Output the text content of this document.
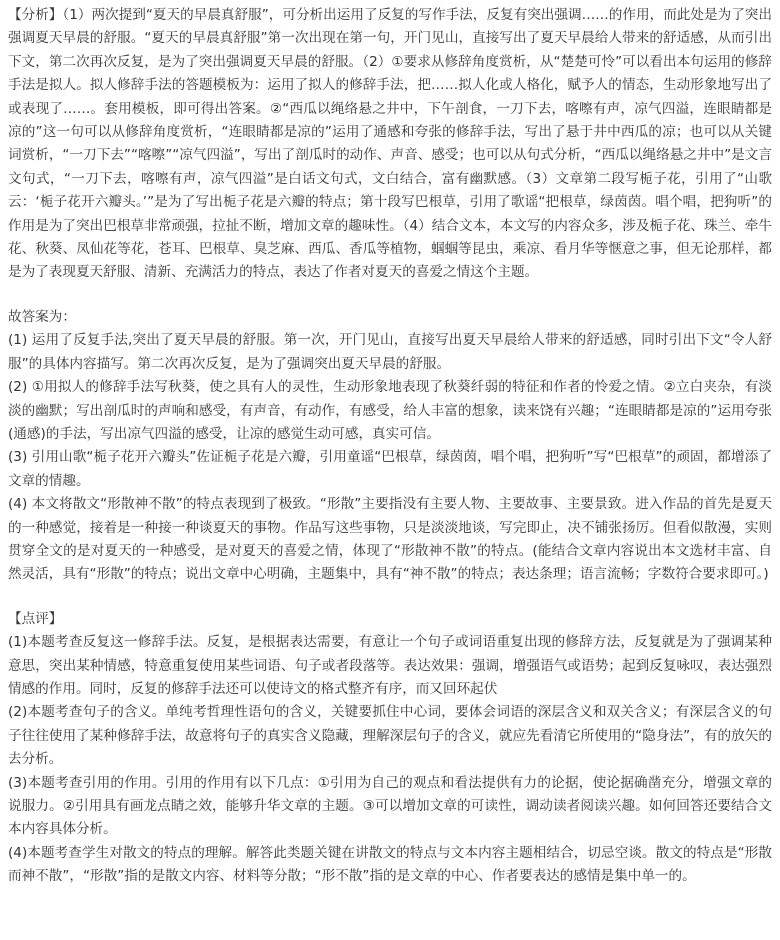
【分析】（1）两次提到“夏天的早晨真舒服”，可分析出运用了反复的写作手法，反复有突出强调……的作用，而此处是为了突出强调夏天早晨的舒服。“夏天的早晨真舒服”第一次出现在第一句，开门见山，直接写出了夏天早晨给人带来的舒适感，从而引出下文，第二次再次反复，是为了突出强调夏天早晨的舒服。（2）①要求从修辞角度赏析，从“楚楚可怜”可以看出本句运用的修辞手法是拟人。拟人修辞手法的答题模板为：运用了拟人的修辞手法，把……拟人化或人格化，赋予人的情态，生动形象地写出了或表现了……。套用模板，即可得出答案。②“西瓜以绳络悬之井中，下午剖食，一刀下去，喀嚓有声，凉气四溢，连眼睛都是凉的”这一句可以从修辞角度赏析，“连眼睛都是凉的”运用了通感和夸张的修辞手法，写出了悬于井中西瓜的凉；也可以从关键词赏析，“一刀下去”“喀嚓”“凉气四溢”，写出了剖瓜时的动作、声音、感受；也可以从句式分析，“西瓜以绳络悬之井中”是文言文句式，“一刀下去，喀嚓有声，凉气四溢”是白话文句式，文白结合，富有幽默感。（3）文章第二段写栀子花，引用了“山歌云：‘栀子花开六瓣头。’”是为了写出栀子花是六瓣的特点；第十段写巴根草，引用了歌谣“把根草，绿茵茵。唱个唱，把狗听”的作用是为了突出巴根草非常顽强，拉扯不断，增加文章的趣味性。（4）结合文本，本文写的内容众多，涉及栀子花、珠兰、牵牛花、秋葵、凤仙花等花，苍耳、巴根草、臭芝麻、西瓜、香瓜等植物，蝈蝈等昆虫，乘凉、看月华等惬意之事，但无论那样，都是为了表现夏天舒服、清新、充满活力的特点，表达了作者对夏天的喜爱之情这个主题。

故答案为：

(1) 运用了反复手法,突出了夏天早晨的舒服。第一次，开门见山，直接写出夏天早晨给人带来的舒适感，同时引出下文“令人舒服”的具体内容描写。第二次再次反复，是为了强调突出夏天早晨的舒服。

(2) ①用拟人的修辞手法写秋葵，使之具有人的灵性，生动形象地表现了秋葵纤弱的特征和作者的怜爱之情。②立白夹杂，有淡淡的幽默；写出剖瓜时的声响和感受，有声音，有动作，有感受，给人丰富的想象，读来饶有兴趣；“连眼睛都是凉的”运用夸张(通感)的手法，写出凉气四溢的感受，让凉的感觉生动可感，真实可信。

(3) 引用山歌“栀子花开六瓣头”佐证栀子花是六瓣，引用童谣“巴根草，绿茵茵，唱个唱，把狗听”写“巴根草”的顽固，都增添了文章的情趣。

(4) 本文将散文“形散神不散”的特点表现到了极致。“形散”主要指没有主要人物、主要故事、主要景致。进入作品的首先是夏天的一种感觉，接着是一种接一种谈夏天的事物。作品写这些事物，只是淡淡地谈，写完即止，决不铺张扬厉。但看似散漫，实则贯穿全文的是对夏天的一种感受，是对夏天的喜爱之情，体现了“形散神不散”的特点。(能结合文章内容说出本文选材丰富、自然灵活，具有“形散”的特点；说出文章中心明确，主题集中，具有“神不散”的特点；表达条理；语言流畅；字数符合要求即可。)

【点评】

(1)本题考查反复这一修辞手法。反复，是根据表达需要，有意让一个句子或词语重复出现的修辞方法，反复就是为了强调某种意思，突出某种情感，特意重复使用某些词语、句子或者段落等。表达效果：强调，增强语气或语势；起到反复咏叹，表达强烈情感的作用。同时，反复的修辞手法还可以使诗文的格式整齐有序，而又回环起伏

(2)本题考查句子的含义。单纯考哲理性语句的含义，关键要抓住中心词，要体会词语的深层含义和双关含义；有深层含义的句子往往使用了某种修辞手法，故意将句子的真实含义隐藏，理解深层句子的含义，就应先看清它所使用的“隐身法”，有的放矢的去分析。

(3)本题考查引用的作用。引用的作用有以下几点：①引用为自己的观点和看法提供有力的论据，使论据确凿充分，增强文章的说服力。②引用具有画龙点睛之效，能够升华文章的主题。③可以增加文章的可读性，调动读者阅读兴趣。如何回答还要结合文本内容具体分析。

(4)本题考查学生对散文的特点的理解。解答此类题关键在讲散文的特点与文本内容主题相结合，切忌空谈。散文的特点是“形散而神不散”，“形散”指的是散文内容、材料等分散；“形不散”指的是文章的中心、作者要表达的感情是集中单一的。
